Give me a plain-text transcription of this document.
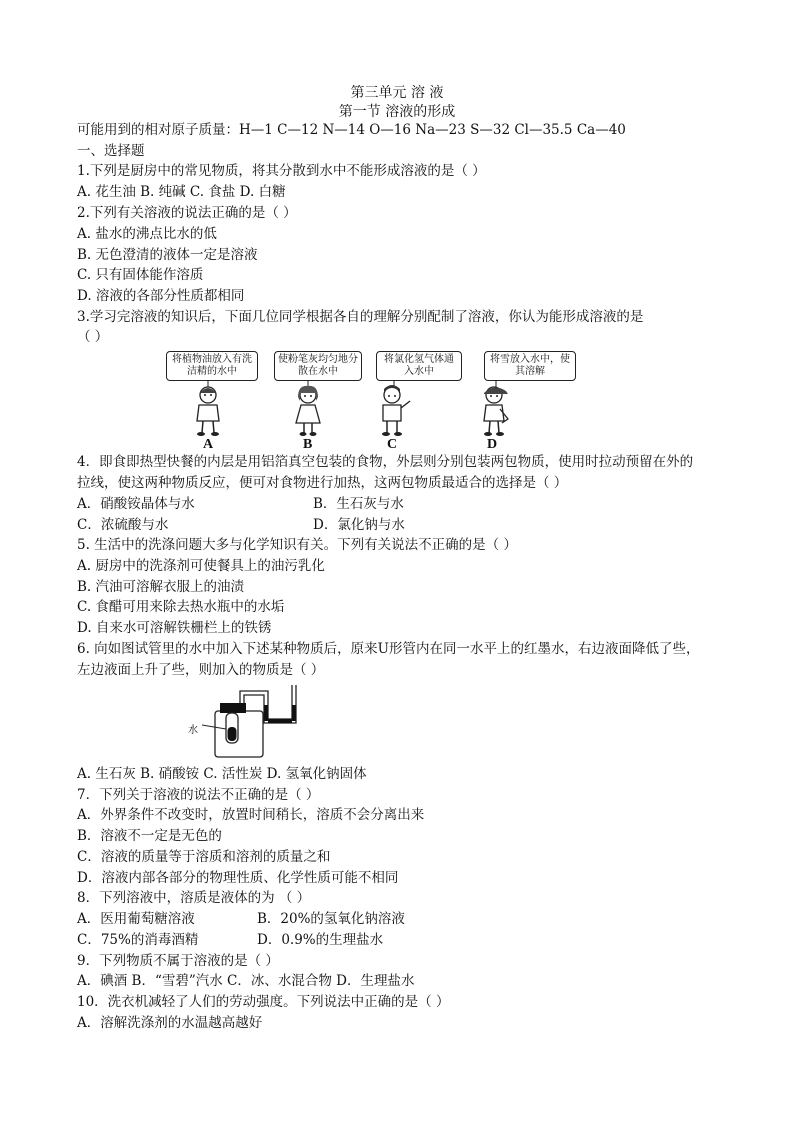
第三单元 溶 液
第一节 溶液的形成
可能用到的相对原子质量：H—1 C—12 N—14 O—16 Na—23 S—32 Cl—35.5 Ca—40
一、选择题
1.下列是厨房中的常见物质，将其分散到水中不能形成溶液的是（ ）
A. 花生油 B. 纯碱 C. 食盐 D. 白糖
2.下列有关溶液的说法正确的是（ ）
A. 盐水的沸点比水的低
B. 无色澄清的液体一定是溶液
C. 只有固体能作溶质
D. 溶液的各部分性质都相同
3.学习完溶液的知识后，下面几位同学根据各自的理解分别配制了溶液，你认为能形成溶液的是
（ ）
将植物油放入有洗洁精的水中
A
使粉笔灰均匀地分散在水中
B
将氯化氢气体通入水中
C
将雪放入水中，使其溶解
D
4．即食即热型快餐的内层是用铝箔真空包装的食物，外层则分别包装两包物质，使用时拉动预留在外的
拉线，使这两种物质反应，便可对食物进行加热，这两包物质最适合的选择是（ ）
A．硝酸铵晶体与水	B．生石灰与水
C．浓硫酸与水	D．氯化钠与水
5. 生活中的洗涤问题大多与化学知识有关。下列有关说法不正确的是（ ）
A. 厨房中的洗涤剂可使餐具上的油污乳化
B. 汽油可溶解衣服上的油渍
C. 食醋可用来除去热水瓶中的水垢
D. 自来水可溶解铁栅栏上的铁锈
6. 向如图试管里的水中加入下述某种物质后，原来U形管内在同一水平上的红墨水，右边液面降低了些，
左边液面上升了些，则加入的物质是（ ）
水
A. 生石灰 B. 硝酸铵 C. 活性炭 D. 氢氧化钠固体
7．下列关于溶液的说法不正确的是（ ）
A．外界条件不改变时，放置时间稍长，溶质不会分离出来
B．溶液不一定是无色的
C．溶液的质量等于溶质和溶剂的质量之和
D．溶液内部各部分的物理性质、化学性质可能不相同
8．下列溶液中，溶质是液体的为 （ ）
A．医用葡萄糖溶液	B．20%的氢氧化钠溶液
C．75%的消毒酒精	D．0.9%的生理盐水
9．下列物质不属于溶液的是（ ）
A．碘酒 B．“雪碧”汽水 C．冰、水混合物 D．生理盐水
10．洗衣机减轻了人们的劳动强度。下列说法中正确的是（ ）
A．溶解洗涤剂的水温越高越好
